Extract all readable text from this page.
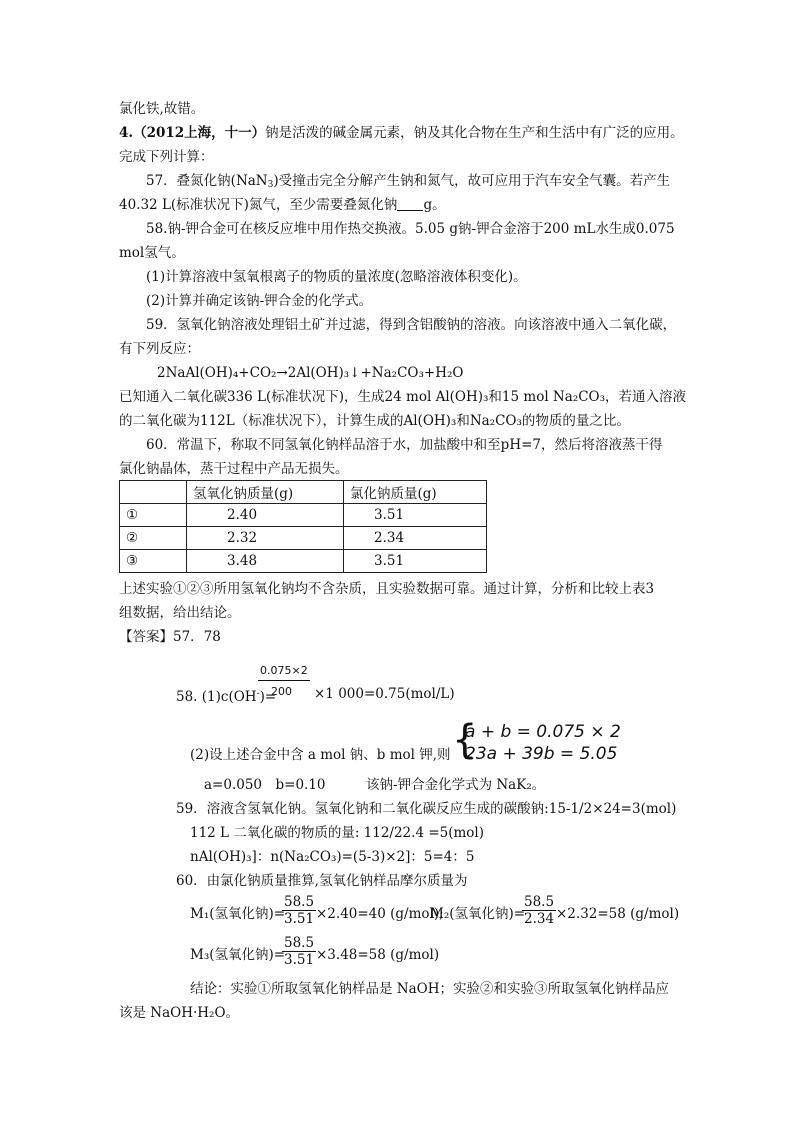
氯化铁,故错。
4.（2012上海，十一）钠是活泼的碱金属元素，钠及其化合物在生产和生活中有广泛的应用。
完成下列计算：
57．叠氮化钠(NaN$_3$)受撞击完全分解产生钠和氮气，故可应用于汽车安全气囊。若产生
40.32 L(标准状况下)氮气，至少需要叠氮化钠 g。
58.钠-钾合金可在核反应堆中用作热交换液。5.05 g钠-钾合金溶于200 mL水生成0.075
mol氢气。
(1)计算溶液中氢氧根离子的物质的量浓度(忽略溶液体积变化)。
(2)计算并确定该钠-钾合金的化学式。
59．氢氧化钠溶液处理铝土矿并过滤，得到含铝酸钠的溶液。向该溶液中通入二氧化碳，
有下列反应：
2NaAl(OH)₄+CO₂→2Al(OH)₃↓+Na₂CO₃+H₂O
已知通入二氧化碳336 L(标准状况下)，生成24 mol Al(OH)₃和15 mol Na₂CO₃，若通入溶液
的二氧化碳为112L（标准状况下），计算生成的Al(OH)₃和Na₂CO₃的物质的量之比。
60．常温下，称取不同氢氧化钠样品溶于水，加盐酸中和至pH=7，然后将溶液蒸干得
氯化钠晶体，蒸干过程中产品无损失。
	氢氧化钠质量(g)	氯化钠质量(g)
①	2.40	3.51
②	2.32	2.34
③	3.48	3.51
上述实验①②③所用氢氧化钠均不含杂质，且实验数据可靠。通过计算，分析和比较上表3
组数据，给出结论。
【答案】57．78
0.075×2
200
58. (1)c(OH-)=	×1 000=0.75(mol/L)
(2)设上述合金中含 a mol 钠、b mol 钾,则 {
a + b = 0.075 × 2
23a + 39b = 5.05
a=0.050　b=0.10　　　该钠-钾合金化学式为 NaK₂。
59．溶液含氢氧化钠。氢氧化钠和二氧化碳反应生成的碳酸钠:15-1/2×24=3(mol)
112 L 二氧化碳的物质的量: 112/22.4 =5(mol)
nAl(OH)₃]：n(Na₂CO₃)=(5-3)×2]：5=4：5
60．由氯化钠质量推算,氢氧化钠样品摩尔质量为
M₁(氢氧化钠)=
$\frac{58.5}{3.51} \times 2.40=40$ (g/mol);
M₂(氢氧化钠)=
$\frac{58.5}{2.34} \times 2.32=58$ (g/mol)
M₃(氢氧化钠)=
$\frac{58.5}{3.51} \times 3.48=58$ (g/mol)
结论：实验①所取氢氧化钠样品是 NaOH；实验②和实验③所取氢氧化钠样品应
该是 NaOH·H₂O。
